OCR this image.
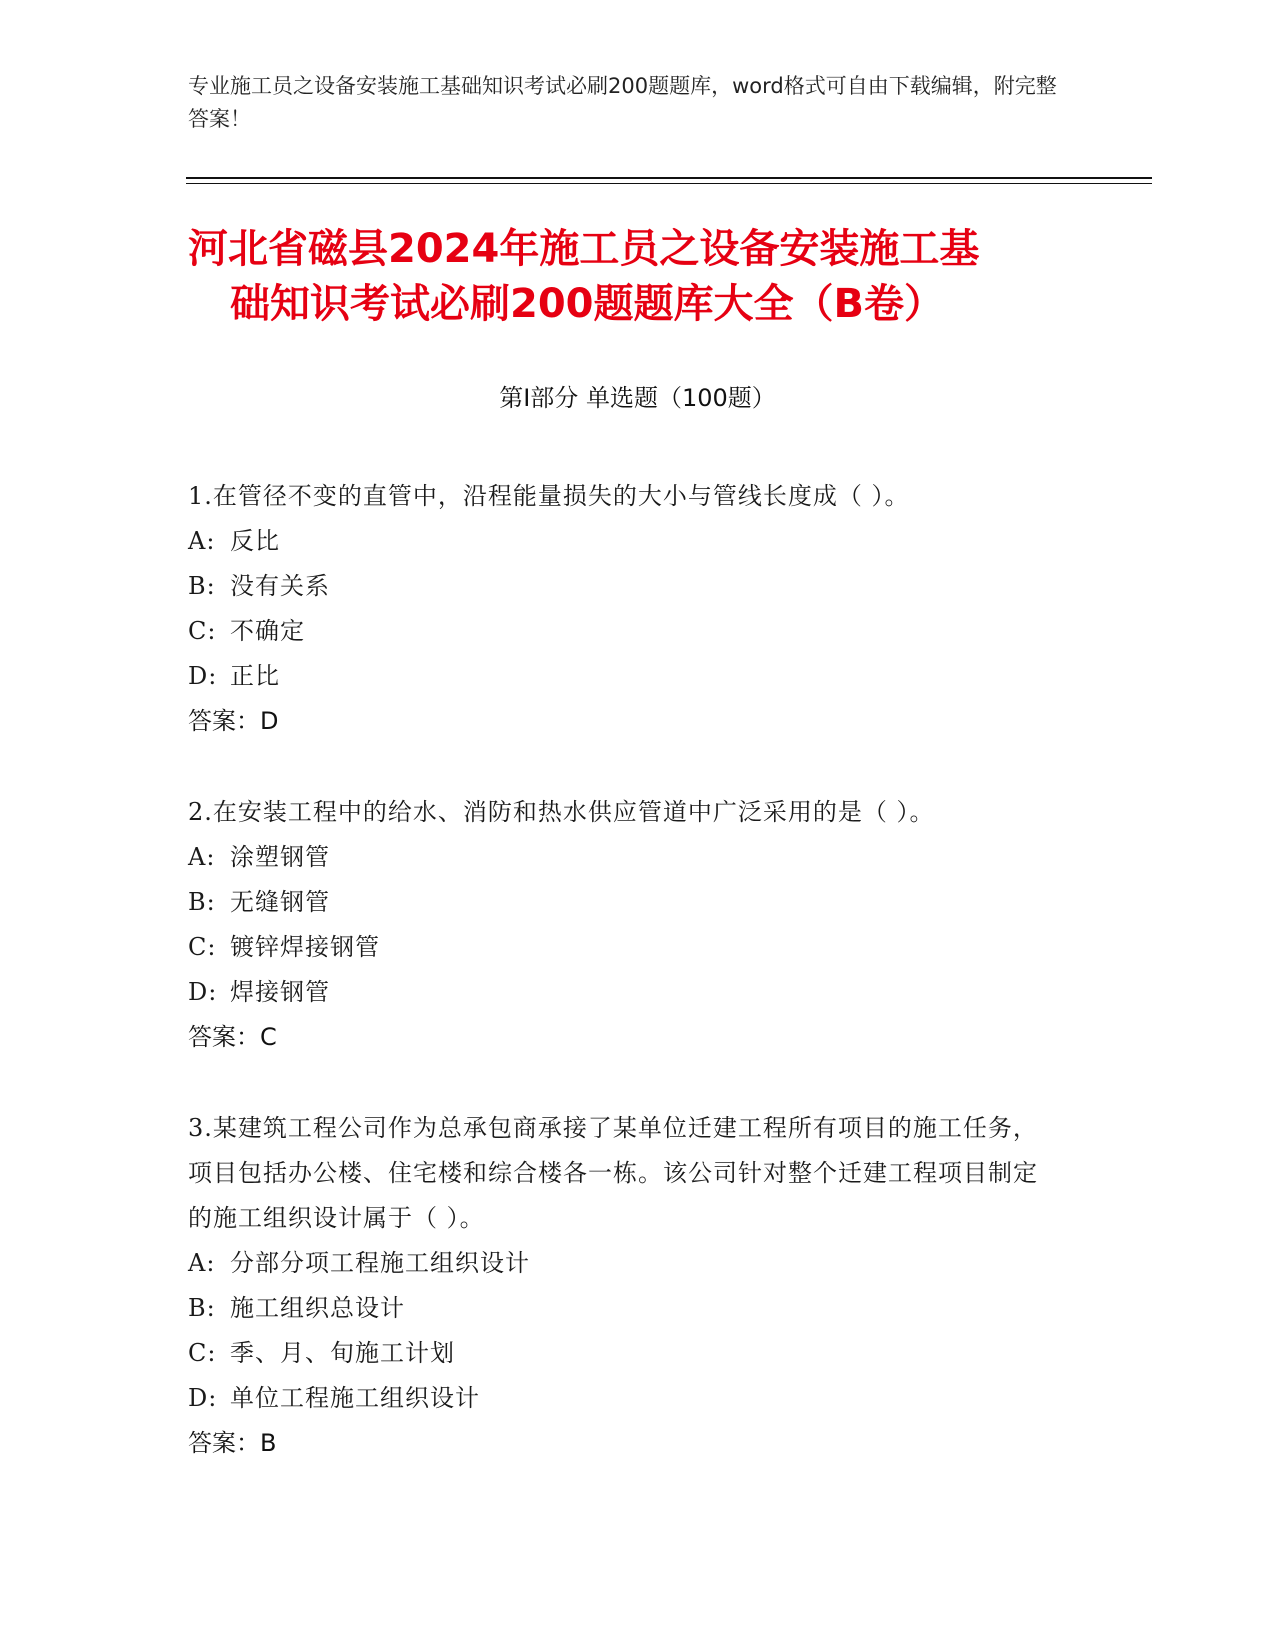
专业施工员之设备安装施工基础知识考试必刷200题题库，word格式可自由下载编辑，附完整答案！
河北省磁县2024年施工员之设备安装施工基
础知识考试必刷200题题库大全（B卷）
第Ⅰ部分 单选题（100题）
1.在管径不变的直管中，沿程能量损失的大小与管线长度成（ ）。
A: 反比
B: 没有关系
C: 不确定
D: 正比
答案：D
2.在安装工程中的给水、消防和热水供应管道中广泛采用的是（ ）。
A: 涂塑钢管
B: 无缝钢管
C: 镀锌焊接钢管
D: 焊接钢管
答案：C
3.某建筑工程公司作为总承包商承接了某单位迁建工程所有项目的施工任务，项目包括办公楼、住宅楼和综合楼各一栋。该公司针对整个迁建工程项目制定的施工组织设计属于（ ）。
A: 分部分项工程施工组织设计
B: 施工组织总设计
C: 季、月、旬施工计划
D: 单位工程施工组织设计
答案：B
